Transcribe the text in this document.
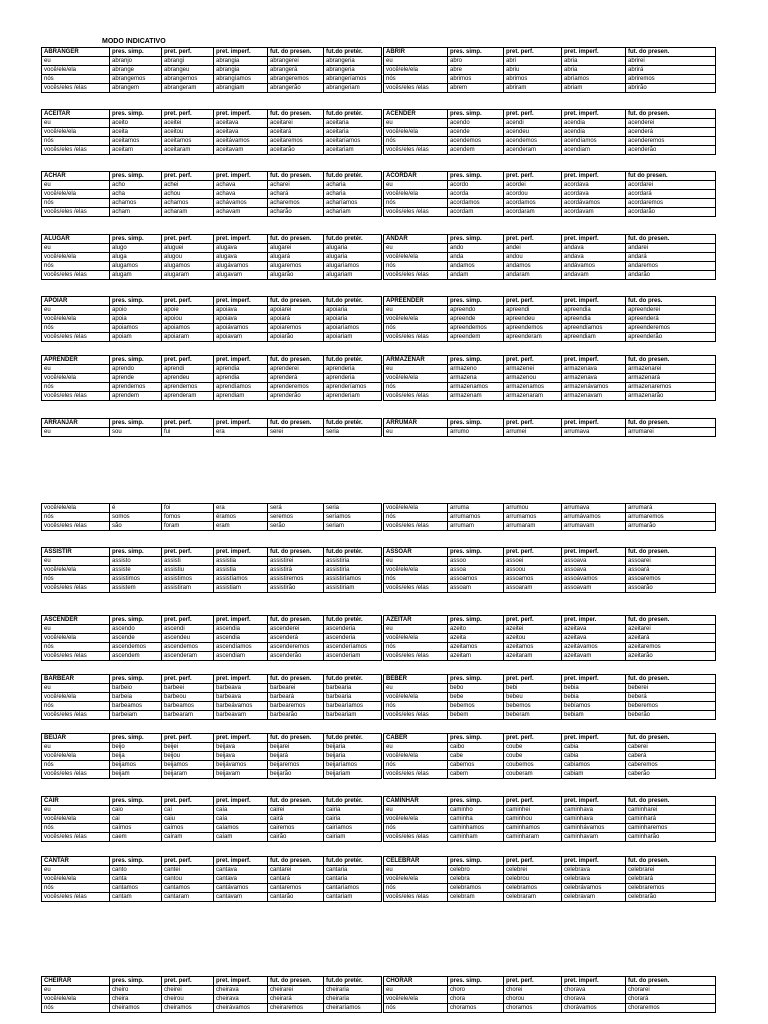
MODO INDICATIVO
ABRANGER	pres. simp.	pret. perf.	pret. imperf.	fut. do presen.	fut.do pretér.
eu	abranjo	abrangi	abrangia	abrangerei	abrangeria
você/ele/ela	abrange	abrangeu	abrangia	abrangerá	abrangeria
nós	abrangemos	abrangemos	abrangíamos	abrangeremos	abrangeríamos
vocês/eles /elas	abrangem	abrangeram	abrangiam	abrangerão	abrangeriam
ABRIR	pres. simp.	pret. perf.	pret. imperf.	fut. do presen.
eu	abro	abri	abria	abrirei
você/ele/ela	abre	abriu	abria	abrirá
nós	abrimos	abrimos	abríamos	abriremos
vocês/eles /elas	abrem	abriram	abriam	abrirão
ACEITAR	pres. simp.	pret. perf.	pret. imperf.	fut. do presen.	fut.do pretér.
eu	aceito	aceitei	aceitava	aceitarei	aceitaria
você/ele/ela	aceita	aceitou	aceitava	aceitará	aceitaria
nós	aceitamos	aceitamos	aceitávamos	aceitaremos	aceitaríamos
vocês/eles /elas	aceitam	aceitaram	aceitavam	aceitarão	aceitariam
ACENDER	pres. simp.	pret. perf.	pret. imperf.	fut. do presen.
eu	acendo	acendi	acendia	acenderei
você/ele/ela	acende	acendeu	acendia	acenderá
nós	acendemos	acendemos	acendíamos	acenderemos
vocês/eles /elas	acendem	acenderam	acendiam	acenderão
ACHAR	pres. simp.	pret. perf.	pret. imperf.	fut. do presen.	fut.do pretér.
eu	acho	achei	achava	acharei	acharia
você/ele/ela	acha	achou	achava	achará	acharia
nós	achamos	achamos	achávamos	acharemos	acharíamos
vocês/eles /elas	acham	acharam	achavam	acharão	achariam
ACORDAR	pres. simp.	pret. perf.	pret. imperf.	fut do presen.
eu	acordo	acordei	acordava	acordarei
você/ele/ela	acorda	acordou	acordava	acordará
nós	acordamos	acordamos	acordávamos	acordaremos
vocês/eles /elas	acordam	acordaram	acordavam	acordarão
ALUGAR	pres. simp.	pret. perf.	pret. imperf.	fut. do presen.	fut.do pretér.
eu	alugo	aluguei	alugava	alugarei	alugaria
você/ele/ela	aluga	alugou	alugava	alugará	alugaria
nós	alugamos	alugamos	alugávamos	alugaremos	alugaríamos
vocês/eles /elas	alugam	alugaram	alugavam	alugarão	alugariam
ANDAR	pres. simp.	pret. perf.	pret. imperf.	fut. do presen.
eu	ando	andei	andava	andarei
você/ele/ela	anda	andou	andava	andará
nós	andamos	andamos	andávamos	andaremos
vocês/eles /elas	andam	andaram	andavam	andarão
APOIAR	pres. simp.	pret. perf.	pret. imperf.	fut. do presen.	fut.do pretér.
eu	apoio	apoie	apoiava	apoiarei	apoiaria
você/ele/ela	apoia	apoiou	apoiava	apoiará	apoiaria
nós	apoiamos	apoiamos	apoiávamos	apoiaremos	apoiaríamos
vocês/eles /elas	apoiam	apoiaram	apoiavam	apoiarão	apoiariam
APREENDER	pres. simp.	pret. perf.	pret. imperf.	fut. do pres.
eu	apreendo	apreendi	apreendia	apreenderei
você/ele/ela	apreende	apreendeu	apreendia	apreenderá
nós	apreendemos	apreendemos	apreendíamos	apreenderemos
vocês/eles /elas	apreendem	apreenderam	apreendiam	apreenderão
APRENDER	pres. simp.	pret. perf.	pret. imperf.	fut. do presen.	fut.do pretér.
eu	aprendo	aprendi	aprendia	aprenderei	aprenderia
você/ele/ela	aprende	aprendeu	aprendia	aprenderá	aprenderia
nós	aprendemos	aprendemos	aprendíamos	aprenderemos	aprenderíamos
vocês/eles /elas	aprendem	aprenderam	aprendiam	aprenderão	aprenderiam
ARMAZENAR	pres. simp.	pret. perf.	pret. imperf.	fut. do presen.
eu	armazeno	armazenei	armazenava	armazenarei
você/ele/ela	armazena	armazenou	armazenava	armazenará
nós	armazenamos	armazenamos	armazenávamos	armazenaremos
vocês/eles /elas	armazenam	armazenaram	armazenavam	armazenarão
ARRANJAR	pres. simp.	pret. perf.	pret. imperf.	fut. do presen.	fut.do pretér.
eu	sou	fui	era	serei	seria
ARRUMAR	pres. simp.	pret. perf.	pret. imperf.	fut. do presen.
eu	arrumo	arrumei	arrumava	arrumarei
você/ele/ela	é	foi	era	será	seria
nós	somos	fomos	éramos	seremos	seríamos
vocês/eles /elas	são	foram	eram	serão	seriam
você/ele/ela	arruma	arrumou	arrumava	arrumará
nós	arrumamos	arrumamos	arrumávamos	arrumaremos
vocês/eles /elas	arrumam	arrumaram	arrumavam	arrumarão
ASSISTIR	pres. simp.	pret. perf.	pret. imperf.	fut. do presen.	fut.do pretér.
eu	assisto	assisti	assistia	assistirei	assistiria
você/ele/ela	assiste	assistiu	assistia	assistirá	assistiria
nós	assistimos	assistimos	assistíamos	assistiremos	assistiríamos
vocês/eles /elas	assistem	assistiram	assistiam	assistirão	assistiriam
ASSOAR	pres. simp.	pret. perf.	pret. imperf.	fut. do presen.
eu	assoo	assoei	assoava	assoarei
você/ele/ela	assoa	assoou	assoava	assoará
nós	assoamos	assoamos	assoávamos	assoaremos
vocês/eles /elas	assoam	assoaram	assoavam	assoarão
ASCENDER	pres. simp.	pret. perf.	pret. imperf.	fut. do presen.	fut.do pretér.
eu	ascendo	ascendi	ascendia	ascenderei	ascenderia
você/ele/ela	ascende	ascendeu	ascendia	ascenderá	ascenderia
nós	ascendemos	ascendemos	ascendíamos	ascenderemos	ascenderíamos
vocês/eles /elas	ascendem	ascenderam	ascendiam	ascenderão	ascenderiam
AZEITAR	pres. simp.	pret. perf.	pret. imper.	fut. do presen.
eu	azeito	azeitei	azeitava	azeitarei
você/ele/ela	azeita	azeitou	azeitava	azeitará
nós	azeitamos	azeitamos	azeitávamos	azeitaremos
vocês/eles /elas	azeitam	azeitaram	azeitavam	azeitarão
BARBEAR	pres. simp.	pret. perf.	pret. imperf.	fut. do presen.	fut.do pretér.
eu	barbeio	barbeei	barbeava	barbearei	barbearia
você/ele/ela	barbeia	barbeou	barbeava	barbeará	barbearia
nós	barbeamos	barbeamos	barbeávamos	barbearemos	barbearíamos
vocês/eles /elas	barbeiam	barbearam	barbeavam	barbearão	barbeariam
BEBER	pres. simp.	pret. perf.	pret. imperf.	fut. do presen.
eu	bebo	bebi	bebia	beberei
você/ele/ela	bebe	bebeu	bebia	beberá
nós	bebemos	bebemos	bebíamos	beberemos
vocês/eles /elas	bebem	beberam	bebiam	beberão
BEIJAR	pres. simp.	pret. perf.	pret. imperf.	fut. do presen.	fut.do pretér.
eu	beijo	beijei	beijava	beijarei	beijaria
você/ele/ela	beija	beijou	beijava	beijará	beijaria
nós	beijamos	beijamos	beijávamos	beijaremos	beijaríamos
vocês/eles /elas	beijam	beijaram	beijavam	beijarão	beijariam
CABER	pres. simp.	pret. perf.	pret. imperf.	fut. do presen.
eu	caibo	coube	cabia	caberei
você/ele/ela	cabe	coube	cabia	caberá
nós	cabemos	coubemos	cabíamos	caberemos
vocês/eles /elas	cabem	couberam	cabiam	caberão
CAIR	pres. simp.	pret. perf.	pret. imperf.	fut. do presen.	fut.do pretér.
eu	caio	caí	caía	cairei	cairia
você/ele/ela	cai	caiu	caía	cairá	cairia
nós	caímos	caímos	caíamos	cairemos	cairíamos
vocês/eles /elas	caem	caíram	caíam	cairão	cairiam
CAMINHAR	pres. simp.	pret. perf.	pret. imperf.	fut. do presen.
eu	caminho	caminhei	caminhava	caminharei
você/ele/ela	caminha	caminhou	caminhava	caminhará
nós	caminhamos	caminhamos	caminhávamos	caminharemos
vocês/eles /elas	caminham	caminharam	caminhavam	caminharão
CANTAR	pres. simp.	pret. perf.	pret. imperf.	fut. do presen.	fut.do pretér.
eu	canto	cantei	cantava	cantarei	cantaria
você/ele/ela	canta	cantou	cantava	cantará	cantaria
nós	cantamos	cantamos	cantávamos	cantaremos	cantaríamos
vocês/eles /elas	cantam	cantaram	cantavam	cantarão	cantariam
CELEBRAR	pres. simp.	pret. perf.	pret. imperf.	fut. do presen.
eu	celebro	celebrei	celebrava	celebrarei
você/ele/ela	celebra	celebrou	celebrava	celebrará
nós	celebramos	celebramos	celebrávamos	celebraremos
vocês/eles /elas	celebram	celebraram	celebravam	celebrarão
CHEIRAR	pres. simp.	pret. perf.	pret. imperf.	fut. do presen.	fut.do pretér.
eu	cheiro	cheirei	cheirava	cheirarei	cheiraria
você/ele/ela	cheira	cheirou	cheirava	cheirará	cheiraria
nós	cheiramos	cheiramos	cheirávamos	cheiraremos	cheiraríamos
CHORAR	pres. simp.	pret. perf.	pret. imperf.	fut. do presen.
eu	choro	chorei	chorava	chorarei
você/ele/ela	chora	chorou	chorava	chorará
nós	choramos	choramos	chorávamos	choraremos
